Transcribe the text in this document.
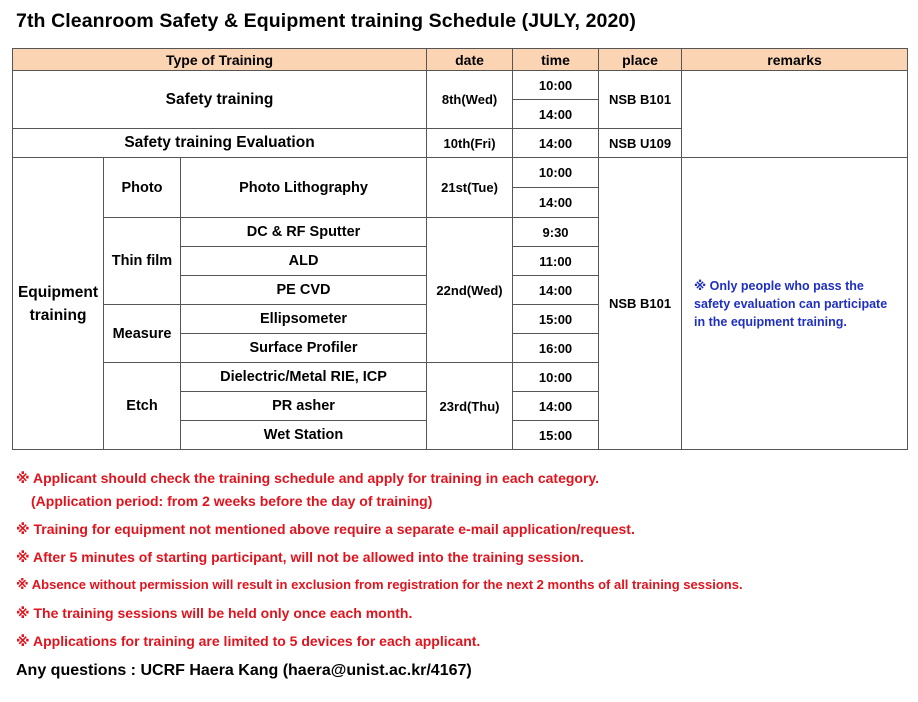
7th Cleanroom Safety & Equipment training Schedule (JULY, 2020)
Type of Training			date	time	place	remarks
Safety training			8th(Wed)	10:00	NSB B101	
				14:00		
Safety training Evaluation			10th(Fri)	14:00	NSB U109	
Equipment training	Photo	Photo Lithography	21st(Tue)	10:00	NSB B101	※ Only people who pass the safety evaluation can participate in the equipment training.
				14:00		
	Thin film	DC & RF Sputter	22nd(Wed)	9:30		
		ALD		11:00		
		PE CVD		14:00		
	Measure	Ellipsometer		15:00		
		Surface Profiler		16:00		
	Etch	Dielectric/Metal RIE, ICP	23rd(Thu)	10:00		
		PR asher		14:00		
		Wet Station		15:00		
※ Applicant should check the training schedule and apply for training in each category.
(Application period: from 2 weeks before the day of training)
※ Training for equipment not mentioned above require a separate e-mail application/request.
※ After 5 minutes of starting participant, will not be allowed into the training session.
※ Absence without permission will result in exclusion from registration for the next 2 months of all training sessions.
※ The training sessions will be held only once each month.
※ Applications for training are limited to 5 devices for each applicant.
Any questions : UCRF Haera Kang (haera@unist.ac.kr/4167)
